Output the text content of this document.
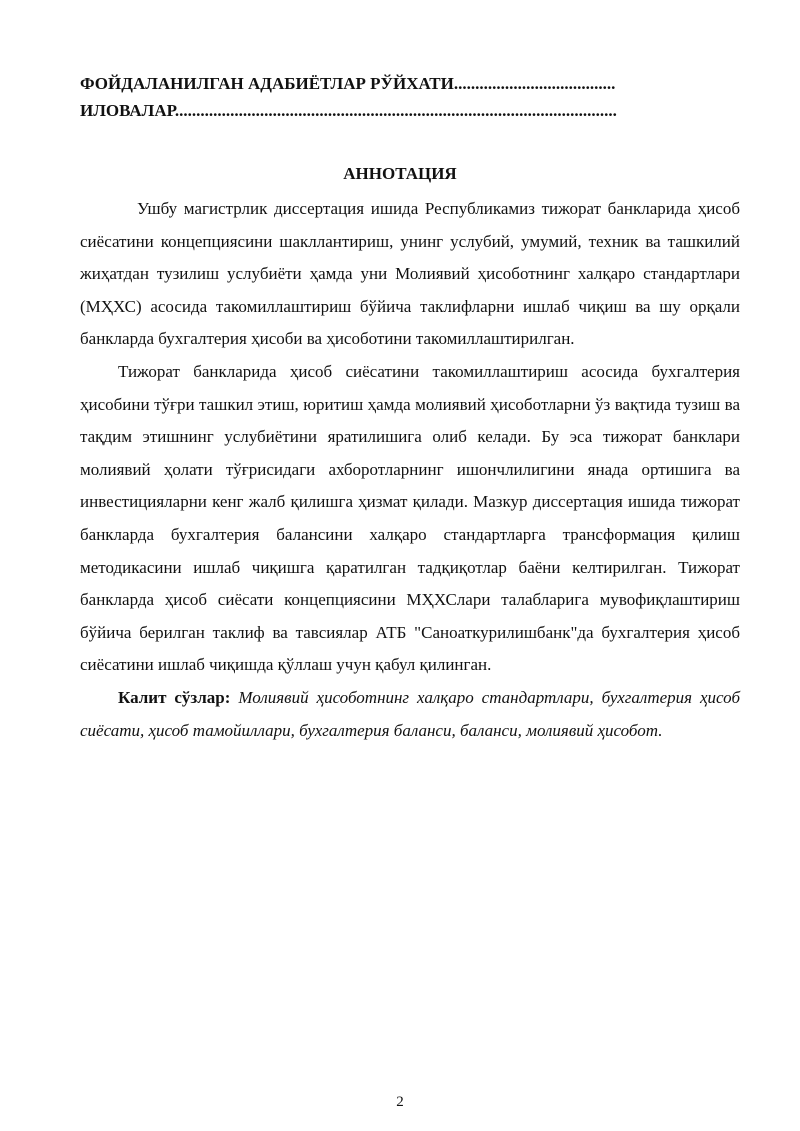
ФОЙДАЛАНИЛГАН АДАБИЁТЛАР РЎЙХАТИ......................................
ИЛОВАЛАР........................................................................................................
АННОТАЦИЯ

Ушбу магистрлик диссертация ишида Республикамиз тижорат банкларида ҳисоб сиёсатини концепциясини шакллантириш, унинг услубий, умумий, техник ва ташкилий жиҳатдан тузилиш услубиёти ҳамда уни Молиявий ҳисоботнинг халқаро стандартлари (МҲХС) асосида такомиллаштириш бўйича таклифларни ишлаб чиқиш ва шу орқали банкларда бухгалтерия ҳисоби ва ҳисоботини такомиллаштирилган.

Тижорат банкларида ҳисоб сиёсатини такомиллаштириш асосида бухгалтерия ҳисобини тўғри ташкил этиш, юритиш ҳамда молиявий ҳисоботларни ўз вақтида тузиш ва тақдим этишнинг услубиётини яратилишига олиб келади. Бу эса тижорат банклари молиявий ҳолати тўғрисидаги ахборотларнинг ишончлилигини янада ортишига ва инвестицияларни кенг жалб қилишга ҳизмат қилади. Мазкур диссертация ишида тижорат банкларда бухгалтерия балансини халқаро стандартларга трансформация қилиш методикасини ишлаб чиқишга қаратилган тадқиқотлар баёни келтирилган. Тижорат банкларда ҳисоб сиёсати концепциясини МҲХСлари талабларига мувофиқлаштириш бўйича берилган таклиф ва тавсиялар АТБ "Саноаткурилишбанк"да бухгалтерия ҳисоб сиёсатини ишлаб чиқишда қўллаш учун қабул қилинган.

Калит сўзлар: Молиявий ҳисоботнинг халқаро стандартлари, бухгалтерия ҳисоб сиёсати, ҳисоб тамойиллари, бухгалтерия баланси, баланси, молиявий ҳисобот.

2
